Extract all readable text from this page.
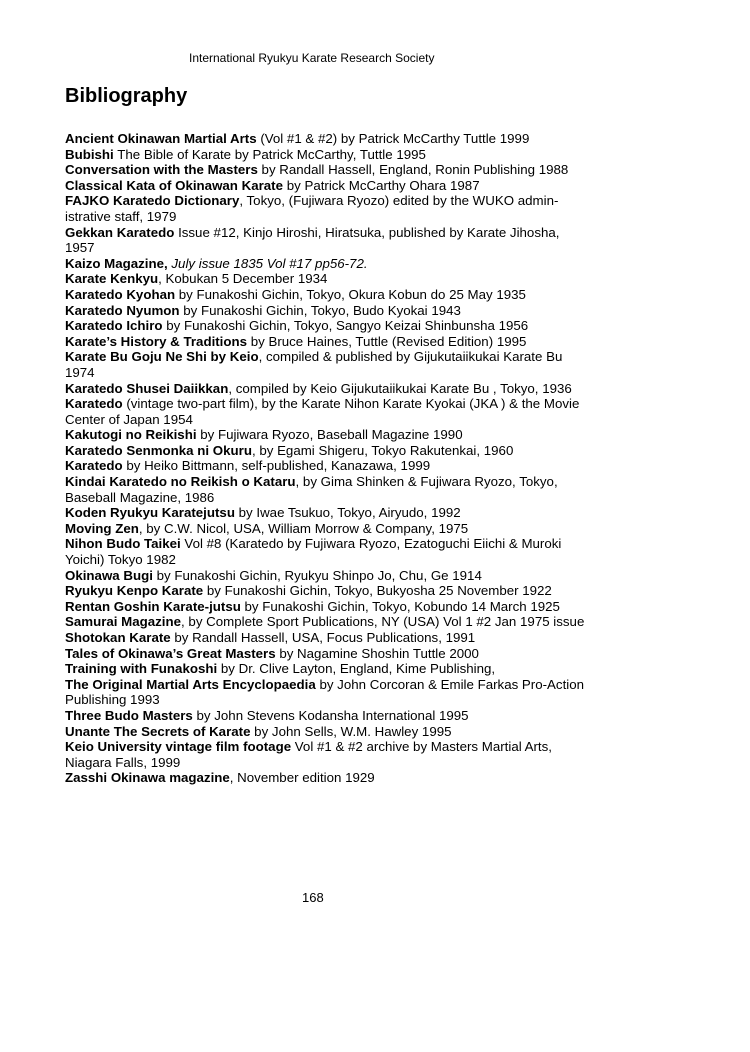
International Ryukyu Karate Research Society
Bibliography
Ancient Okinawan Martial Arts (Vol #1 & #2) by Patrick McCarthy Tuttle 1999
Bubishi The Bible of Karate by Patrick McCarthy, Tuttle 1995
Conversation with the Masters by Randall Hassell, England, Ronin Publishing 1988
Classical Kata of Okinawan Karate by Patrick McCarthy Ohara 1987
FAJKO Karatedo Dictionary, Tokyo, (Fujiwara Ryozo) edited by the WUKO admin-istrative staff, 1979
Gekkan Karatedo Issue #12, Kinjo Hiroshi, Hiratsuka, published by Karate Jihosha, 1957
Kaizo Magazine, July issue 1835 Vol #17 pp56-72.
Karate Kenkyu, Kobukan 5 December 1934
Karatedo Kyohan by Funakoshi Gichin, Tokyo, Okura Kobun do 25 May 1935
Karatedo Nyumon by Funakoshi Gichin, Tokyo, Budo Kyokai 1943
Karatedo Ichiro by Funakoshi Gichin, Tokyo, Sangyo Keizai Shinbunsha 1956
Karate’s History & Traditions by Bruce Haines, Tuttle (Revised Edition) 1995
Karate Bu Goju Ne Shi by Keio, compiled & published by Gijukutaiikukai Karate Bu 1974
Karatedo Shusei Daiikkan, compiled by Keio Gijukutaiikukai Karate Bu , Tokyo, 1936
Karatedo (vintage two-part film), by the Karate Nihon Karate Kyokai (JKA ) & the Movie Center of Japan 1954
Kakutogi no Reikishi by Fujiwara Ryozo, Baseball Magazine 1990
Karatedo Senmonka ni Okuru, by Egami Shigeru, Tokyo Rakutenkai, 1960
Karatedo by Heiko Bittmann, self-published, Kanazawa, 1999
Kindai Karatedo no Reikish o Kataru, by Gima Shinken & Fujiwara Ryozo, Tokyo, Baseball Magazine, 1986
Koden Ryukyu Karatejutsu by Iwae Tsukuo, Tokyo, Airyudo, 1992
Moving Zen, by C.W. Nicol, USA, William Morrow & Company, 1975
Nihon Budo Taikei Vol #8 (Karatedo by Fujiwara Ryozo, Ezatoguchi Eiichi & Muroki Yoichi) Tokyo 1982
Okinawa Bugi by Funakoshi Gichin, Ryukyu Shinpo Jo, Chu, Ge 1914
Ryukyu Kenpo Karate by Funakoshi Gichin, Tokyo, Bukyosha 25 November 1922
Rentan Goshin Karate-jutsu by Funakoshi Gichin, Tokyo, Kobundo 14 March 1925
Samurai Magazine, by Complete Sport Publications, NY (USA) Vol 1 #2 Jan 1975 issue
Shotokan Karate by Randall Hassell, USA, Focus Publications, 1991
Tales of Okinawa’s Great Masters by Nagamine Shoshin Tuttle 2000
Training with Funakoshi by Dr. Clive Layton, England, Kime Publishing,
The Original Martial Arts Encyclopaedia by John Corcoran & Emile Farkas Pro-Action Publishing 1993
Three Budo Masters by John Stevens Kodansha International 1995
Unante The Secrets of Karate by John Sells, W.M. Hawley 1995
Keio University vintage film footage Vol #1 & #2 archive by Masters Martial Arts, Niagara Falls, 1999
Zasshi Okinawa magazine, November edition 1929
168
